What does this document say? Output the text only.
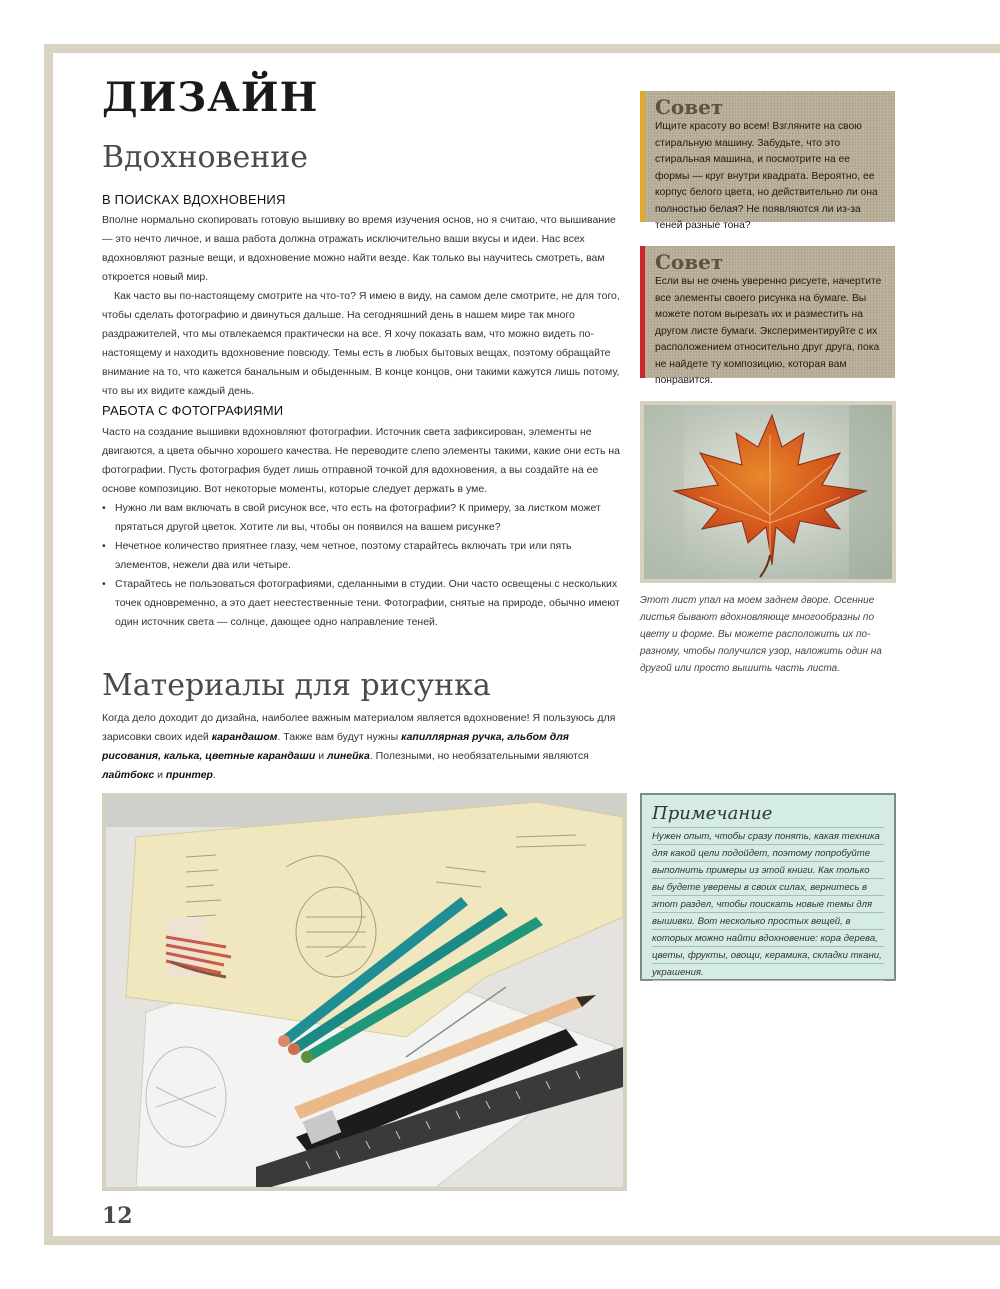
ДИЗАЙН
Вдохновение
В ПОИСКАХ ВДОХНОВЕНИЯ

Вполне нормально скопировать готовую вышивку во время изучения основ, но я считаю, что вышивание — это нечто личное, и ваша работа должна отражать исключительно ваши вкусы и идеи. Нас всех вдохновляют разные вещи, и вдохновение можно найти везде. Как только вы научитесь смотреть, вам откроется новый мир.

Как часто вы по-настоящему смотрите на что-то? Я имею в виду, на самом деле смотрите, не для того, чтобы сделать фотографию и двинуться дальше. На сегодняшний день в нашем мире так много раздражителей, что мы отвлекаемся практически на все. Я хочу показать вам, что можно видеть по-настоящему и находить вдохновение повсюду. Темы есть в любых бытовых вещах, поэтому обращайте внимание на то, что кажется банальным и обыденным. В конце концов, они такими кажутся лишь потому, что вы их видите каждый день.

РАБОТА С ФОТОГРАФИЯМИ

Часто на создание вышивки вдохновляют фотографии. Источник света зафиксирован, элементы не двигаются, а цвета обычно хорошего качества. Не переводите слепо элементы такими, какие они есть на фотографии. Пусть фотография будет лишь отправной точкой для вдохновения, а вы создайте на ее основе композицию. Вот некоторые моменты, которые следует держать в уме.

• Нужно ли вам включать в свой рисунок все, что есть на фотографии? К примеру, за листком может прятаться другой цветок. Хотите ли вы, чтобы он появился на вашем рисунке?
• Нечетное количество приятнее глазу, чем четное, поэтому старайтесь включать три или пять элементов, нежели два или четыре.
• Старайтесь не пользоваться фотографиями, сделанными в студии. Они часто освещены с нескольких точек одновременно, а это дает неестественные тени. Фотографии, снятые на природе, обычно имеют один источник света — солнце, дающее одно направление теней.
Совет
Ищите красоту во всем! Взгляните на свою стиральную машину. Забудьте, что это стиральная машина, и посмотрите на ее формы — круг внутри квадрата. Вероятно, ее корпус белого цвета, но действительно ли она полностью белая? Не появляются ли из-за теней разные тона?
Совет
Если вы не очень уверенно рисуете, начертите все элементы своего рисунка на бумаге. Вы можете потом вырезать их и разместить на другом листе бумаги. Экспериментируйте с их расположением относительно друг друга, пока не найдете ту композицию, которая вам понравится.

Этот лист упал на моем заднем дворе. Осенние листья бывают вдохновляюще многообразны по цвету и форме. Вы можете расположить их по-разному, чтобы получился узор, наложить один на другой или просто вышить часть листа.

Материалы для рисунка

Когда дело доходит до дизайна, наиболее важным материалом является вдохновение! Я пользуюсь для зарисовки своих идей карандашом. Также вам будут нужны капиллярная ручка, альбом для рисования, калька, цветные карандаши и линейка. Полезными, но необязательными являются лайтбокс и принтер.

Примечание
Нужен опыт, чтобы сразу понять, какая техника для какой цели подойдет, поэтому попробуйте выполнить примеры из этой книги. Как только вы будете уверены в своих силах, вернитесь в этот раздел, чтобы поискать новые темы для вышивки. Вот несколько простых вещей, в которых можно найти вдохновение: кора дерева, цветы, фрукты, овощи, керамика, складки ткани, украшения.

12
